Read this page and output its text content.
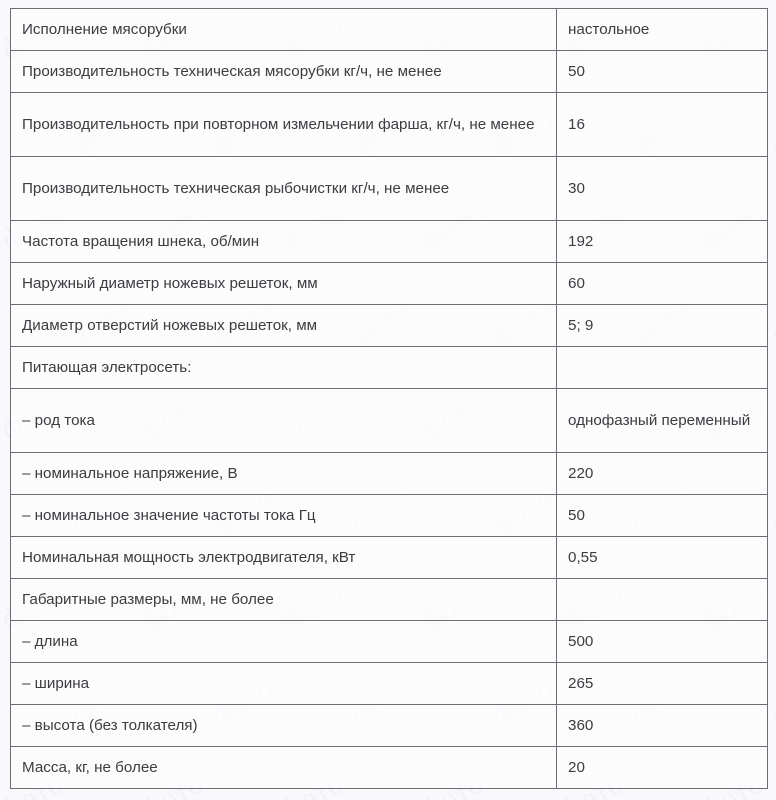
Исполнение мясорубки	настольное
Производительность техническая мясорубки кг/ч, не менее	50
Производительность при повторном измельчении фарша, кг/ч, не менее	16
Производительность техническая рыбочистки кг/ч, не менее	30
Частота вращения шнека, об/мин	192
Наружный диаметр ножевых решеток, мм	60
Диаметр отверстий ножевых решеток, мм	5; 9
Питающая электросеть:	
– род тока	однофазный переменный
– номинальное напряжение, В	220
– номинальное значение частоты тока Гц	50
Номинальная мощность электродвигателя, кВт	0,55
Габаритные размеры, мм, не более	
– длина	500
– ширина	265
– высота (без толкателя)	360
Масса, кг, не более	20
